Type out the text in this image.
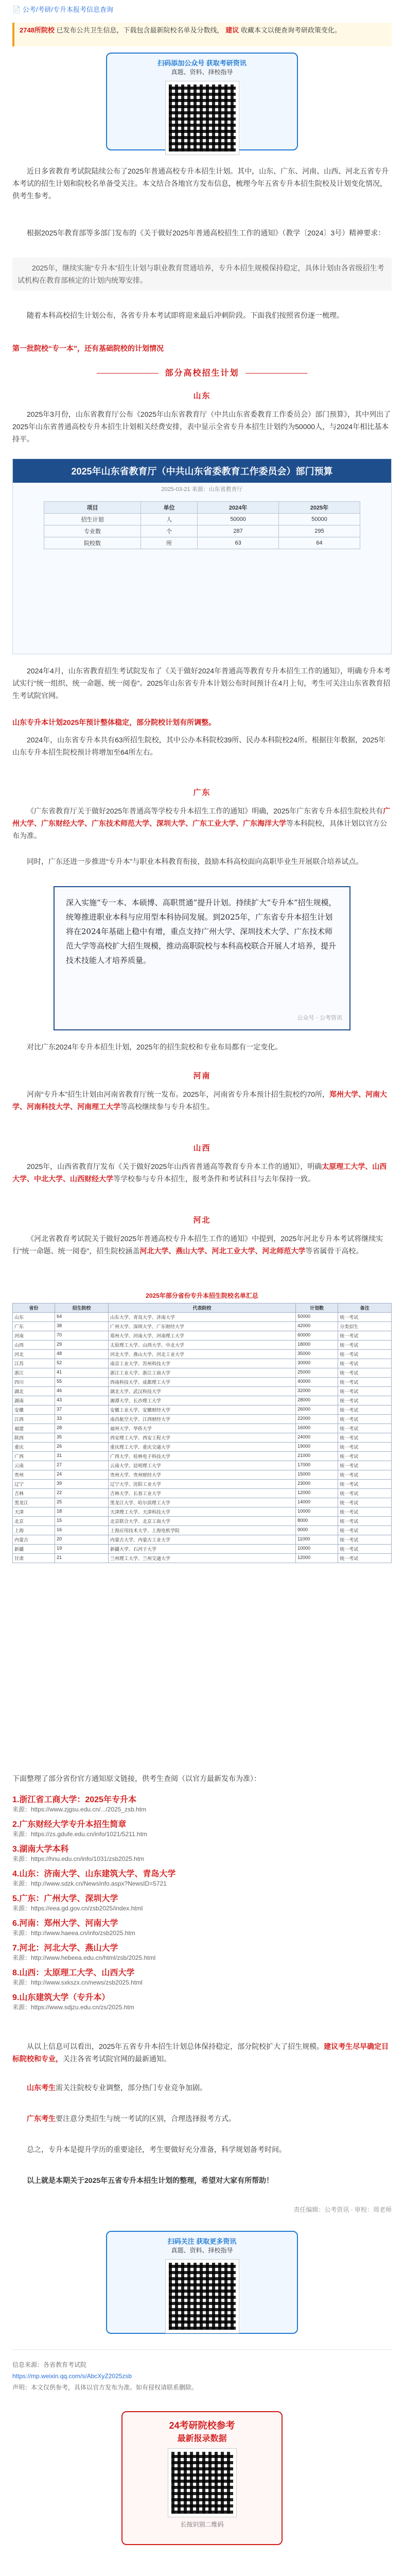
📄 公考/考研/专升本报考信息查询
2748所院校 已发布公共卫生信息，下载包含最新院校名单及分数线， 建议 收藏本文以便查询考研政策变化。
扫码添加公众号 获取考研资讯
真题、资料、择校指导
近日多省教育考试院陆续公布了2025年普通高校专升本招生计划。其中，山东、广东、河南、山西、河北五省专升本考试的招生计划和院校名单备受关注。本文结合各地官方发布信息，梳理今年五省专升本招生院校及计划变化情况，供考生参考。
根据2025年教育部等多部门发布的《关于做好2025年普通高校招生工作的通知》（教学〔2024〕3号）精神要求：
2025年，继续实施“专升本”招生计划与职业教育贯通培养，专升本招生规模保持稳定，具体计划由各省级招生考试机构在教育部核定的计划内统筹安排。
随着本科高校招生计划公布，各省专升本考试即将迎来最后冲刺阶段。下面我们按照省份逐一梳理。
第一批院校“专一本”，还有基础院校的计划情况
部分高校招生计划
山东
2025年3月份，山东省教育厅公布《2025年山东省教育厅（中共山东省委教育工作委员会）部门预算》，其中列出了2025年山东省普通高校专升本招生计划相关经费安排，表中显示全省专升本招生计划约为50000人，与2024年相比基本持平。
2025年山东省教育厅（中共山东省委教育工作委员会）部门预算
2025-03-21 来源：山东省教育厅
项目	单位	2024年	2025年
招生计划	人	50000	50000
专业数	个	287	295
院校数	所	63	64
2024年4月，山东省教育招生考试院发布了《关于做好2024年普通高等教育专升本招生工作的通知》，明确专升本考试实行“统一组织、统一命题、统一阅卷”。2025年山东省专升本计划公布时间预计在4月上旬，考生可关注山东省教育招生考试院官网。
山东专升本计划2025年预计整体稳定，部分院校计划有所调整。
2024年，山东省专升本共有63所招生院校，其中公办本科院校39所、民办本科院校24所。根据往年数据，2025年山东专升本招生院校预计将增加至64所左右。
广东
《广东省教育厅关于做好2025年普通高等学校专升本招生工作的通知》明确，2025年广东省专升本招生院校共有广州大学、广东财经大学、广东技术师范大学、深圳大学、广东工业大学、广东海洋大学等本科院校，具体计划以官方公布为准。
同时，广东还进一步推进“专升本”与职业本科教育衔接，鼓励本科高校面向高职毕业生开展联合培养试点。
深入实施“专一本、本硕博、高职贯通”提升计划。持续扩大“专升本”招生规模，统筹推进职业本科与应用型本科协同发展。到2025年，广东省专升本招生计划将在2024年基础上稳中有增，重点支持广州大学、深圳技术大学、广东技术师范大学等高校扩大招生规模，推动高职院校与本科高校联合开展人才培养，提升技术技能人才培养质量。
公众号 · 公考资讯
对比广东2024年专升本招生计划，2025年的招生院校和专业布局都有一定变化。
河南
河南“专升本”招生计划由河南省教育厅统一发布。2025年，河南省专升本预计招生院校约70所，郑州大学、河南大学、河南科技大学、河南理工大学等高校继续参与专升本招生。
山西
2025年，山西省教育厅发布《关于做好2025年山西省普通高等教育专升本工作的通知》，明确太原理工大学、山西大学、中北大学、山西财经大学等学校参与专升本招生，报考条件和考试科目与去年保持一致。
河北
《河北省教育考试院关于做好2025年普通高校专升本招生工作的通知》中提到，2025年河北专升本考试将继续实行“统一命题、统一阅卷”，招生院校涵盖河北大学、燕山大学、河北工业大学、河北师范大学等省属骨干高校。
2025年部分省份专升本招生院校名单汇总
省份	招生院校	代表院校	计划数	备注
山东	64	山东大学、青岛大学、济南大学	50000	统一考试
广东	38	广州大学、深圳大学、广东财经大学	42000	分类招生
河南	70	郑州大学、河南大学、河南理工大学	60000	统一考试
山西	29	太原理工大学、山西大学、中北大学	18000	统一考试
河北	48	河北大学、燕山大学、河北工业大学	35000	统一考试
江苏	52	南京工业大学、苏州科技大学	30000	统一考试
浙江	41	浙江工业大学、浙江工商大学	25000	统一考试
四川	55	西南科技大学、成都理工大学	40000	统一考试
湖北	46	湖北大学、武汉科技大学	32000	统一考试
湖南	43	湘潭大学、长沙理工大学	28000	统一考试
安徽	37	安徽工业大学、安徽财经大学	26000	统一考试
江西	33	南昌航空大学、江西财经大学	22000	统一考试
福建	28	福州大学、华侨大学	16000	统一考试
陕西	35	西安理工大学、西安工程大学	24000	统一考试
重庆	26	重庆理工大学、重庆交通大学	19000	统一考试
广西	31	广西大学、桂林电子科技大学	21000	统一考试
云南	27	云南大学、昆明理工大学	17000	统一考试
贵州	24	贵州大学、贵州财经大学	15000	统一考试
辽宁	39	辽宁大学、沈阳工业大学	23000	统一考试
吉林	22	吉林大学、长春工业大学	12000	统一考试
黑龙江	25	黑龙江大学、哈尔滨理工大学	14000	统一考试
天津	18	天津理工大学、天津科技大学	10000	统一考试
北京	15	北京联合大学、北京工商大学	8000	统一考试
上海	16	上海应用技术大学、上海电机学院	9000	统一考试
内蒙古	20	内蒙古大学、内蒙古工业大学	11000	统一考试
新疆	19	新疆大学、石河子大学	10000	统一考试
甘肃	21	兰州理工大学、兰州交通大学	12000	统一考试
下面整理了部分省份官方通知原文链接，供考生查阅（以官方最新发布为准）：
1.浙江省工商大学：2025年专升本
来源：https://www.zjgsu.edu.cn/.../2025_zsb.htm
2.广东财经大学专升本招生简章
来源：https://zs.gdufe.edu.cn/info/1021/5211.htm
3.湖南大学本科
来源：https://hnu.edu.cn/info/1031/zsb2025.htm
4.山东：济南大学、山东建筑大学、青岛大学
来源：http://www.sdzk.cn/NewsInfo.aspx?NewsID=5721
5.广东：广州大学、深圳大学
来源：https://eea.gd.gov.cn/zsb2025/index.html
6.河南：郑州大学、河南大学
来源：http://www.haeea.cn/info/zsb2025.htm
7.河北：河北大学、燕山大学
来源：http://www.hebeea.edu.cn/html/zsb/2025.html
8.山西：太原理工大学、山西大学
来源：http://www.sxkszx.cn/news/zsb2025.html
9.山东建筑大学（专升本）
来源：https://www.sdjzu.edu.cn/zs/2025.htm
从以上信息可以看出，2025年五省专升本招生计划总体保持稳定，部分院校扩大了招生规模。建议考生尽早确定目标院校和专业，关注各省考试院官网的最新通知。
山东考生需关注院校专业调整，部分热门专业竞争加剧。
广东考生要注意分类招生与统一考试的区别，合理选择报考方式。
总之，专升本是提升学历的重要途径，考生要做好充分准备，科学规划备考时间。
以上就是本期关于2025年五省专升本招生计划的整理，希望对大家有所帮助！
责任编辑：公考资讯 · 审校：周老师
扫码关注 获取更多资讯
真题、资料、择校指导
信息来源：各省教育考试院
https://mp.weixin.qq.com/s/AbcXyZ2025zsb
声明：本文仅供参考，具体以官方发布为准。如有侵权请联系删除。
24考研院校参考
最新报录数据
长按识别二维码
